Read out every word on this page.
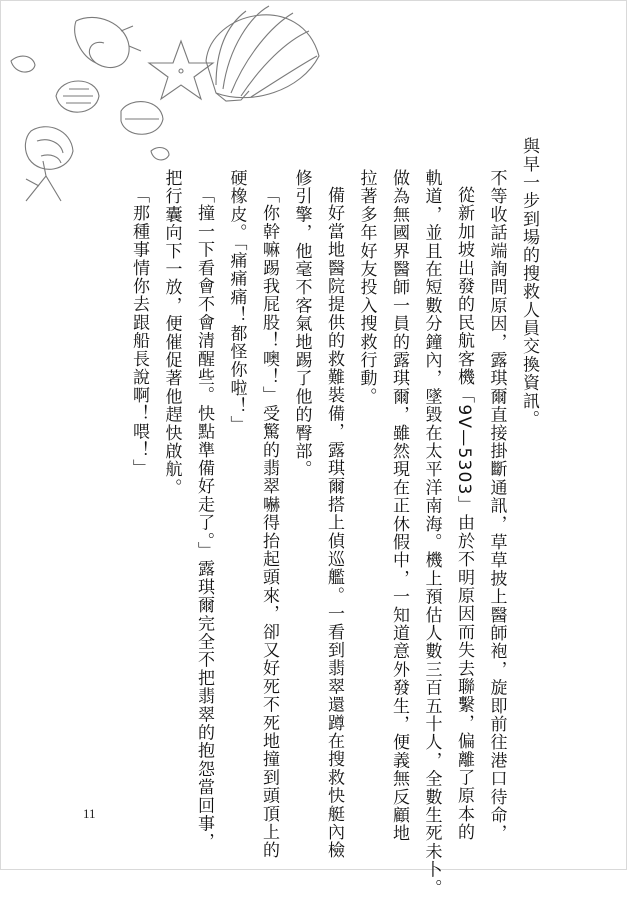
與早一步到場的搜救人員交換資訊。
不等收話端詢問原因，露琪爾直接掛斷通訊，草草披上醫師袍，旋即前往港口待命，
從新加坡出發的民航客機「9V—5303」由於不明原因而失去聯繫，偏離了原本的
軌道，並且在短數分鐘內，墜毀在太平洋南海。機上預估人數三百五十人，全數生死未卜。
做為無國界醫師一員的露琪爾，雖然現在正休假中，一知道意外發生，便義無反顧地
拉著多年好友投入搜救行動。
備好當地醫院提供的救難裝備，露琪爾搭上偵巡艦。一看到翡翠還蹲在搜救快艇內檢
修引擎，他毫不客氣地踢了他的臀部。
「你幹嘛踢我屁股！噢！」受驚的翡翠嚇得抬起頭來，卻又好死不死地撞到頭頂上的
硬橡皮。「痛痛痛！都怪你啦！」
「撞一下看會不會清醒些。快點準備好走了。」露琪爾完全不把翡翠的抱怨當回事，
把行囊向下一放，便催促著他趕快啟航。
「那種事情你去跟船長說啊！喂！」
11
